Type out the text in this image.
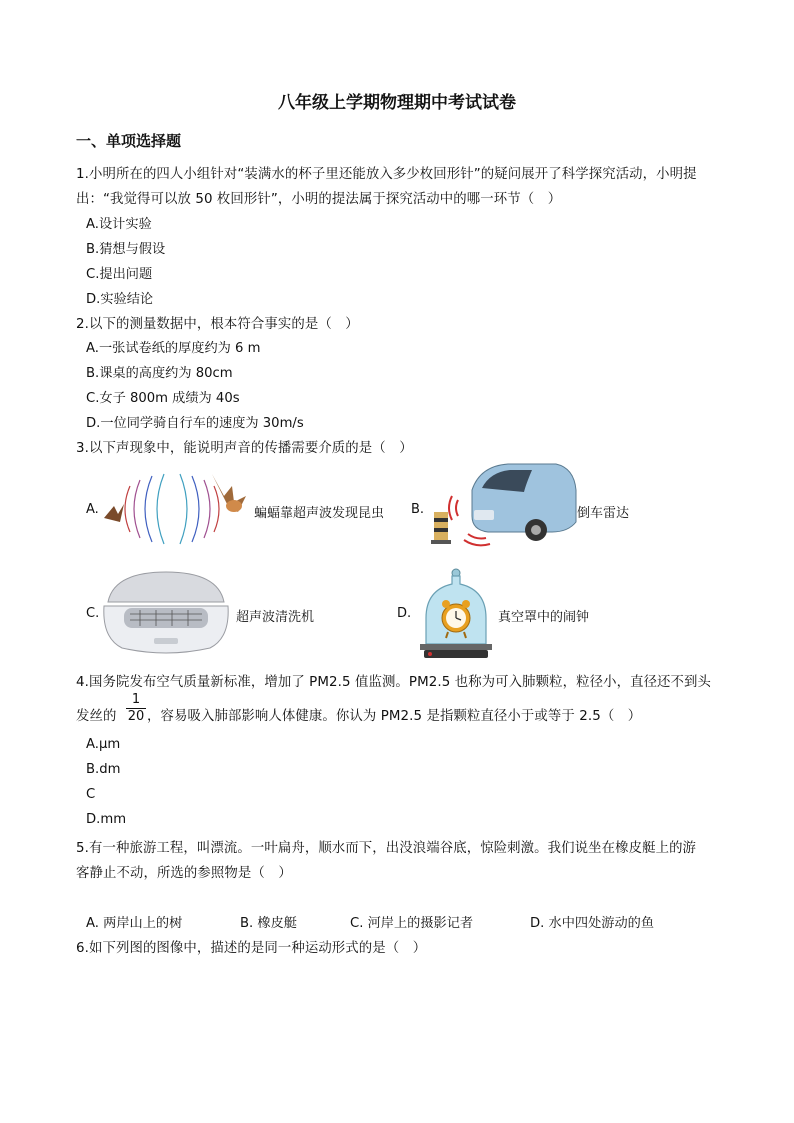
八年级上学期物理期中考试试卷
一、单项选择题
1.小明所在的四人小组针对“装满水的杯子里还能放入多少枚回形针”的疑问展开了科学探究活动，小明提
出：“我觉得可以放 50 枚回形针”，小明的提法属于探究活动中的哪一环节（　）
A.设计实验
B.猜想与假设
C.提出问题
D.实验结论
2.以下的测量数据中，根本符合事实的是（　）
A.一张试卷纸的厚度约为 6 m
B.课桌的高度约为 80cm
C.女子 800m 成绩为 40s
D.一位同学骑自行车的速度为 30m/s
3.以下声现象中，能说明声音的传播需要介质的是（　）
A.	蝙蝠靠超声波发现昆虫 B.	倒车雷达
C.	超声波清洗机	D.	真空罩中的闹钟
4.国务院发布空气质量新标准，增加了 PM2.5 值监测。PM2.5 也称为可入肺颗粒，粒径小，直径还不到头
发丝的
1
20 ，容易吸入肺部影响人体健康。你认为 PM2.5 是指颗粒直径小于或等于 2.5（　）
A.µm
B.dm
C
D.mm
5.有一种旅游工程，叫漂流。一叶扁舟，顺水而下，出没浪端谷底，惊险刺激。我们说坐在橡皮艇上的游
客静止不动，所选的参照物是（　）
A. 两岸山上的树	B. 橡皮艇	C. 河岸上的摄影记者	D. 水中四处游动的鱼
6.如下列图的图像中，描述的是同一种运动形式的是（　）
